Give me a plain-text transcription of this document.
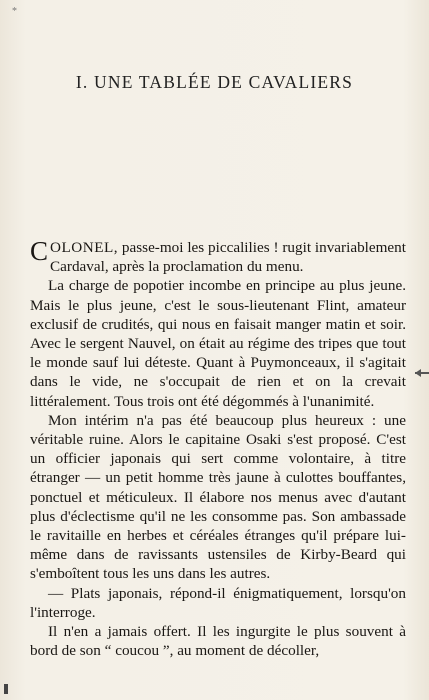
*
I. UNE TABLÉE DE CAVALIERS

COLONEL, passe-moi les piccalilies ! rugit invariablement Cardaval, après la proclamation du menu.

La charge de popotier incombe en principe au plus jeune. Mais le plus jeune, c'est le sous-lieutenant Flint, amateur exclusif de crudités, qui nous en faisait manger matin et soir. Avec le sergent Nauvel, on était au régime des tripes que tout le monde sauf lui déteste. Quant à Puymonceaux, il s'agitait dans le vide, ne s'occupait de rien et on la crevait littéralement. Tous trois ont été dégommés à l'unanimité.

Mon intérim n'a pas été beaucoup plus heureux : une véritable ruine. Alors le capitaine Osaki s'est proposé. C'est un officier japonais qui sert comme volontaire, à titre étranger — un petit homme très jaune à culottes bouffantes, ponctuel et méticuleux. Il élabore nos menus avec d'autant plus d'éclectisme qu'il ne les consomme pas. Son ambassade le ravitaille en herbes et céréales étranges qu'il prépare lui-même dans de ravissants ustensiles de Kirby-Beard qui s'emboîtent tous les uns dans les autres.

— Plats japonais, répond-il énigmatiquement, lorsqu'on l'interroge.

Il n'en a jamais offert. Il les ingurgite le plus souvent à bord de son “ coucou ”, au moment de décoller,
